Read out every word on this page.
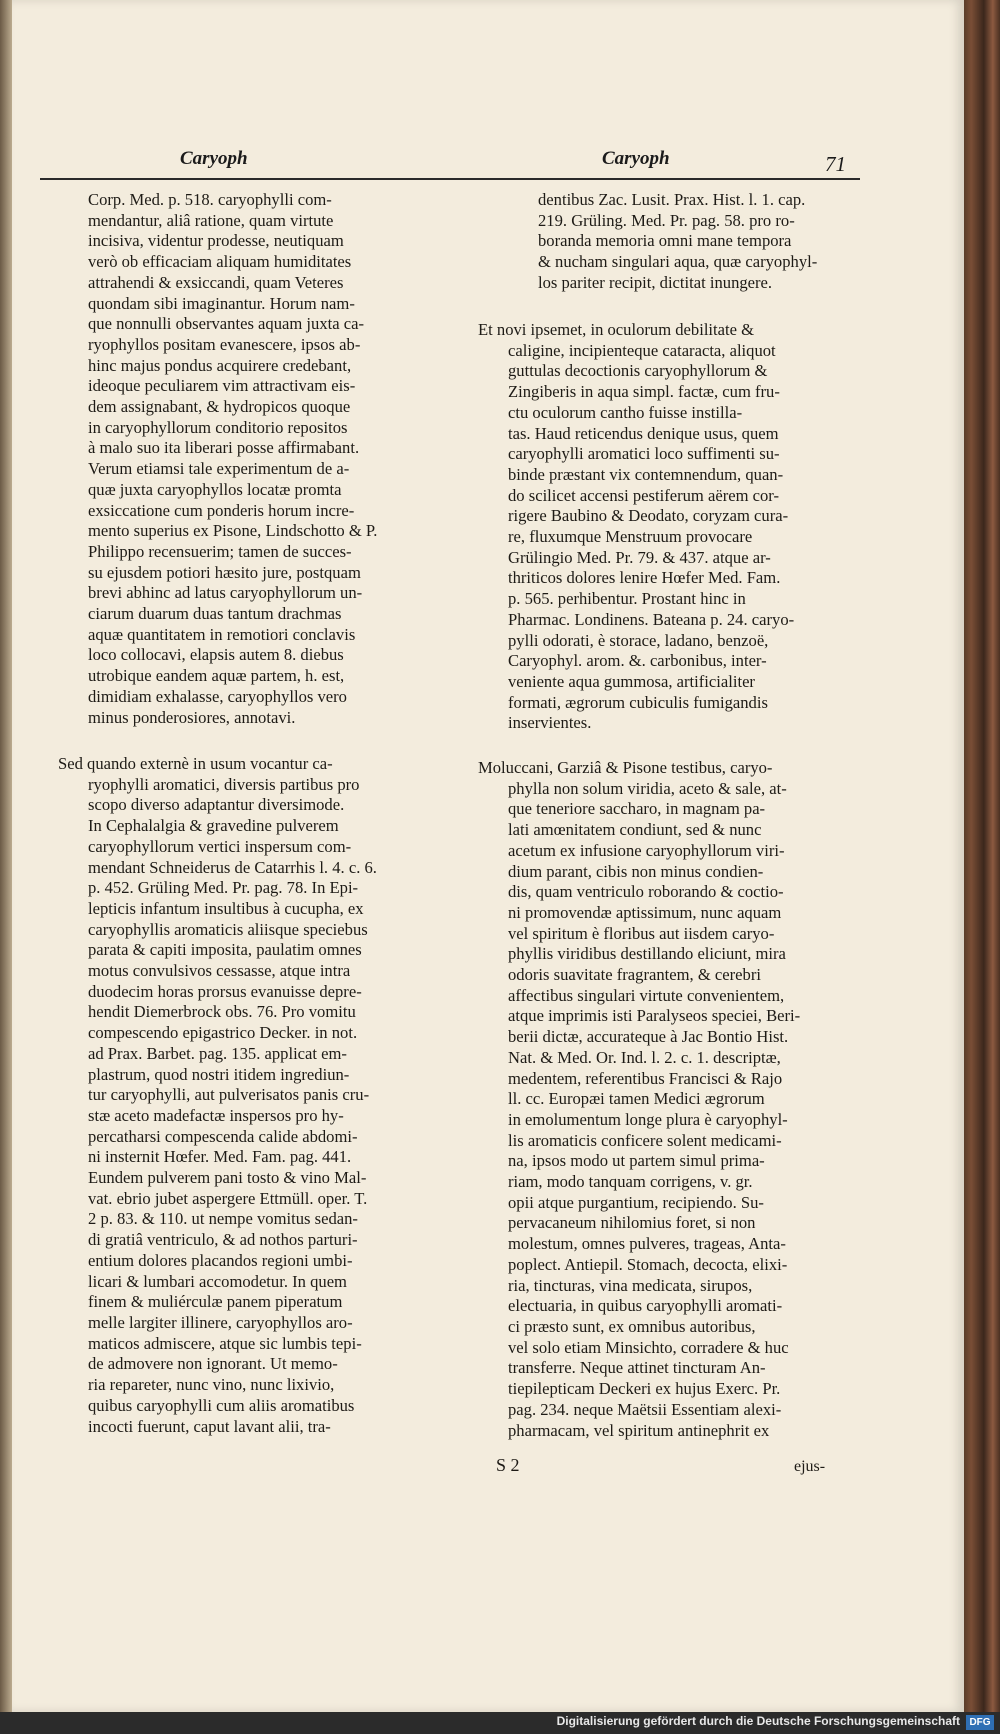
Caryoph	Caryoph	71
Corp. Med. p. 518. caryophylli com-
mendantur, aliâ ratione, quam virtute
incisiva, videntur prodesse, neutiquam
verò ob efficaciam aliquam humiditates
attrahendi & exsiccandi, quam Veteres
quondam sibi imaginantur. Horum nam-
que nonnulli observantes aquam juxta ca-
ryophyllos positam evanescere, ipsos ab-
hinc majus pondus acquirere credebant,
ideoque peculiarem vim attractivam eis-
dem assignabant, & hydropicos quoque
in caryophyllorum conditorio repositos
à malo suo ita liberari posse affirmabant.
Verum etiamsi tale experimentum de a-
quæ juxta caryophyllos locatæ promta
exsiccatione cum ponderis horum incre-
mento superius ex Pisone, Lindschotto & P.
Philippo recensuerim; tamen de succes-
su ejusdem potiori hæsito jure, postquam
brevi abhinc ad latus caryophyllorum un-
ciarum duarum duas tantum drachmas
aquæ quantitatem in remotiori conclavis
loco collocavi, elapsis autem 8. diebus
utrobique eandem aquæ partem, h. est,
dimidiam exhalasse, caryophyllos vero
minus ponderosiores, annotavi.
Sed quando externè in usum vocantur ca-
ryophylli aromatici, diversis partibus pro
scopo diverso adaptantur diversimode.
In Cephalalgia & gravedine pulverem
caryophyllorum vertici inspersum com-
mendant Schneiderus de Catarrhis l. 4. c. 6.
p. 452. Grüling Med. Pr. pag. 78. In Epi-
lepticis infantum insultibus à cucupha, ex
caryophyllis aromaticis aliisque speciebus
parata & capiti imposita, paulatim omnes
motus convulsivos cessasse, atque intra
duodecim horas prorsus evanuisse depre-
hendit Diemerbrock obs. 76. Pro vomitu
compescendo epigastrico Decker. in not.
ad Prax. Barbet. pag. 135. applicat em-
plastrum, quod nostri itidem ingrediun-
tur caryophylli, aut pulverisatos panis cru-
stæ aceto madefactæ inspersos pro hy-
percatharsi compescenda calide abdomi-
ni insternit Hœfer. Med. Fam. pag. 441.
Eundem pulverem pani tosto & vino Mal-
vat. ebrio jubet aspergere Ettmüll. oper. T.
2 p. 83. & 110. ut nempe vomitus sedan-
di gratiâ ventriculo, & ad nothos parturi-
entium dolores placandos regioni umbi-
licari & lumbari accomodetur. In quem
finem & muliérculæ panem piperatum
melle largiter illinere, caryophyllos aro-
maticos admiscere, atque sic lumbis tepi-
de admovere non ignorant. Ut memo-
ria repareter, nunc vino, nunc lixivio,
quibus caryophylli cum aliis aromatibus
incocti fuerunt, caput lavant alii, tra-
dentibus Zac. Lusit. Prax. Hist. l. 1. cap.
219. Grüling. Med. Pr. pag. 58. pro ro-
boranda memoria omni mane tempora
& nucham singulari aqua, quæ caryophyl-
los pariter recipit, dictitat inungere.
Et novi ipsemet, in oculorum debilitate &
caligine, incipienteque cataracta, aliquot
guttulas decoctionis caryophyllorum &
Zingiberis in aqua simpl. factæ, cum fru-
ctu oculorum cantho fuisse instilla-
tas. Haud reticendus denique usus, quem
caryophylli aromatici loco suffimenti su-
binde præstant vix contemnendum, quan-
do scilicet accensi pestiferum aërem cor-
rigere Baubino & Deodato, coryzam cura-
re, fluxumque Menstruum provocare
Grülingio Med. Pr. 79. & 437. atque ar-
thriticos dolores lenire Hœfer Med. Fam.
p. 565. perhibentur. Prostant hinc in
Pharmac. Londinens. Bateana p. 24. caryo-
pylli odorati, è storace, ladano, benzoë,
Caryophyl. arom. &. carbonibus, inter-
veniente aqua gummosa, artificialiter
formati, ægrorum cubiculis fumigandis
inservientes.
Moluccani, Garziâ & Pisone testibus, caryo-
phylla non solum viridia, aceto & sale, at-
que teneriore saccharo, in magnam pa-
lati amœnitatem condiunt, sed & nunc
acetum ex infusione caryophyllorum viri-
dium parant, cibis non minus condien-
dis, quam ventriculo roborando & coctio-
ni promovendæ aptissimum, nunc aquam
vel spiritum è floribus aut iisdem caryo-
phyllis viridibus destillando eliciunt, mira
odoris suavitate fragrantem, & cerebri
affectibus singulari virtute convenientem,
atque imprimis isti Paralyseos speciei, Beri-
berii dictæ, accurateque à Jac Bontio Hist.
Nat. & Med. Or. Ind. l. 2. c. 1. descriptæ,
medentem, referentibus Francisci & Rajo
ll. cc. Europæi tamen Medici ægrorum
in emolumentum longe plura è caryophyl-
lis aromaticis conficere solent medicami-
na, ipsos modo ut partem simul prima-
riam, modo tanquam corrigens, v. gr.
opii atque purgantium, recipiendo. Su-
pervacaneum nihilomius foret, si non
molestum, omnes pulveres, trageas, Anta-
poplect. Antiepil. Stomach, decocta, elixi-
ria, tincturas, vina medicata, sirupos,
electuaria, in quibus caryophylli aromati-
ci præsto sunt, ex omnibus autoribus,
vel solo etiam Minsichto, corradere & huc
transferre. Neque attinet tincturam An-
tiepilepticam Deckeri ex hujus Exerc. Pr.
pag. 234. neque Maëtsii Essentiam alexi-
pharmacam, vel spiritum antinephrit ex
S 2	ejus-
Digitalisierung gefördert durch die Deutsche Forschungsgemeinschaft DFG
